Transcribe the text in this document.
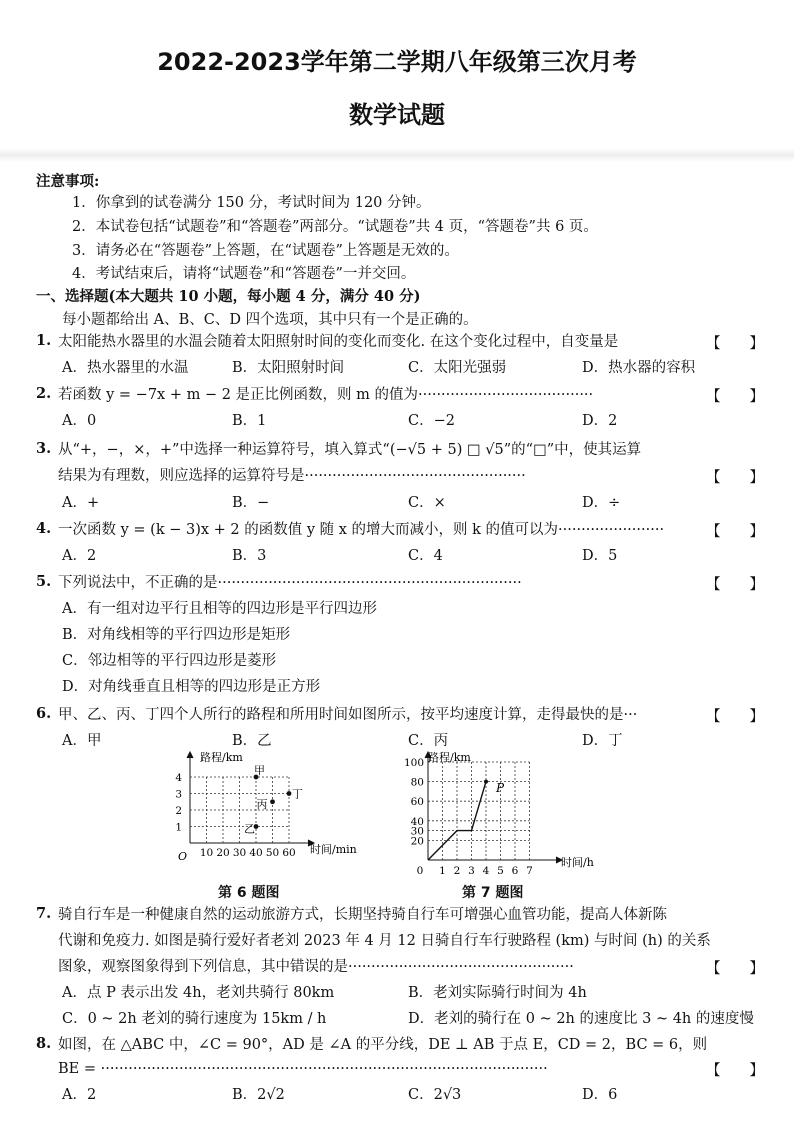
2022-2023学年第二学期八年级第三次月考
数学试题
注意事项:
1．你拿到的试卷满分 150 分，考试时间为 120 分钟。
2．本试卷包括“试题卷”和“答题卷”两部分。“试题卷”共 4 页，“答题卷”共 6 页。
3．请务必在“答题卷”上答题，在“试题卷”上答题是无效的。
4．考试结束后，请将“试题卷”和“答题卷”一并交回。
一、选择题(本大题共 10 小题，每小题 4 分，满分 40 分)
每小题都给出 A、B、C、D 四个选项，其中只有一个是正确的。
1. 太阳能热水器里的水温会随着太阳照射时间的变化而变化. 在这个变化过程中，自变量是	【　　】
A．热水器里的水温	B．太阳照射时间	C．太阳光强弱	D．热水器的容积
2. 若函数 y = −7x + m − 2 是正比例函数，则 m 的值为······································	【　　】
A．0	B．1	C．−2	D．2
3. 从“+，−，×，+”中选择一种运算符号，填入算式“(−√5 + 5) □ √5”的“□”中，使其运算
结果为有理数，则应选择的运算符号是················································	【　　】
A．+	B．−	C．×	D．÷
4. 一次函数 y = (k − 3)x + 2 的函数值 y 随 x 的增大而减小，则 k 的值可以为·······················	【　　】
A．2	B．3	C．4	D．5
5. 下列说法中，不正确的是··································································	【　　】
A．有一组对边平行且相等的四边形是平行四边形
B．对角线相等的平行四边形是矩形
C．邻边相等的平行四边形是菱形
D．对角线垂直且相等的四边形是正方形
6. 甲、乙、丙、丁四个人所行的路程和所用时间如图所示，按平均速度计算，走得最快的是···	【　　】
A．甲	B．乙	C．丙	D．丁
10 20 30 40 50 60
1
2
3
4
甲
乙
丙
丁
路程/km
时间/min
O
第 6 题图
0 1 2 3 4 5 6 7
20
30
40
60
80
100 路程/km
时间/h
P
第 7 题图
7. 骑自行车是一种健康自然的运动旅游方式，长期坚持骑自行车可增强心血管功能，提高人体新陈
代谢和免疫力. 如图是骑行爱好者老刘 2023 年 4 月 12 日骑自行车行驶路程 (km) 与时间 (h) 的关系
图象，观察图象得到下列信息，其中错误的是·················································	【　　】
A．点 P 表示出发 4h，老刘共骑行 80km	B．老刘实际骑行时间为 4h
C．0 ~ 2h 老刘的骑行速度为 15km / h	D．老刘的骑行在 0 ~ 2h 的速度比 3 ~ 4h 的速度慢
8. 如图，在 △ABC 中，∠C = 90°，AD 是 ∠A 的平分线，DE ⊥ AB 于点 E，CD = 2，BC = 6，则
BE = ·································································································	【　　】
A．2	B．2√2	C．2√3	D．6
